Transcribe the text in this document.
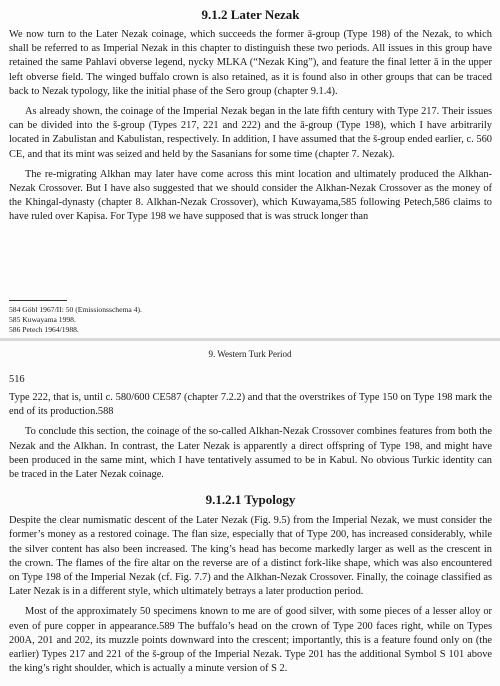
9.1.2 Later Nezak

We now turn to the Later Nezak coinage, which succeeds the former ā-group (Type 198) of the Nezak, to which shall be referred to as Imperial Nezak in this chapter to distinguish these two periods. All issues in this group have retained the same Pahlavi obverse legend, nycky MLKA (“Nezak King”), and feature the final letter ā in the upper left obverse field. The winged buffalo crown is also retained, as it is found also in other groups that can be traced back to Nezak typology, like the initial phase of the Sero group (chapter 9.1.4).

As already shown, the coinage of the Imperial Nezak began in the late fifth century with Type 217. Their issues can be divided into the š-group (Types 217, 221 and 222) and the ā-group (Type 198), which I have arbitrarily located in Zabulistan and Kabulistan, respectively. In addition, I have assumed that the š-group ended earlier, c. 560 CE, and that its mint was seized and held by the Sasanians for some time (chapter 7. Nezak).

The re-migrating Alkhan may later have come across this mint location and ultimately produced the Alkhan-Nezak Crossover. But I have also suggested that we should consider the Alkhan-Nezak Crossover as the money of the Khingal-dynasty (chapter 8. Alkhan-Nezak Crossover), which Kuwayama,585 following Petech,586 claims to have ruled over Kapisa. For Type 198 we have supposed that is was struck longer than

584 Göbl 1967/II: 50 (Emissionsschema 4).
585 Kuwayama 1998.
586 Petech 1964/1988.
9. Western Turk Period
516

Type 222, that is, until c. 580/600 CE587 (chapter 7.2.2) and that the overstrikes of Type 150 on Type 198 mark the end of its production.588

To conclude this section, the coinage of the so-called Alkhan-Nezak Crossover combines features from both the Nezak and the Alkhan. In contrast, the Later Nezak is apparently a direct offspring of Type 198, and might have been produced in the same mint, which I have tentatively assumed to be in Kabul. No obvious Turkic identity can be traced in the Later Nezak coinage.

9.1.2.1 Typology

Despite the clear numismatic descent of the Later Nezak (Fig. 9.5) from the Imperial Nezak, we must consider the former’s money as a restored coinage. The flan size, especially that of Type 200, has increased considerably, while the silver content has also been increased. The king’s head has become markedly larger as well as the crescent in the crown. The flames of the fire altar on the reverse are of a distinct fork-like shape, which was also encountered on Type 198 of the Imperial Nezak (cf. Fig. 7.7) and the Alkhan-Nezak Crossover. Finally, the coinage classified as Later Nezak is in a different style, which ultimately betrays a later production period.

Most of the approximately 50 specimens known to me are of good silver, with some pieces of a lesser alloy or even of pure copper in appearance.589 The buffalo’s head on the crown of Type 200 faces right, while on Types 200A, 201 and 202, its muzzle points downward into the crescent; importantly, this is a feature found only on (the earlier) Types 217 and 221 of the š-group of the Imperial Nezak. Type 201 has the additional Symbol S 101 above the king’s right shoulder, which is actually a minute version of S 2.
